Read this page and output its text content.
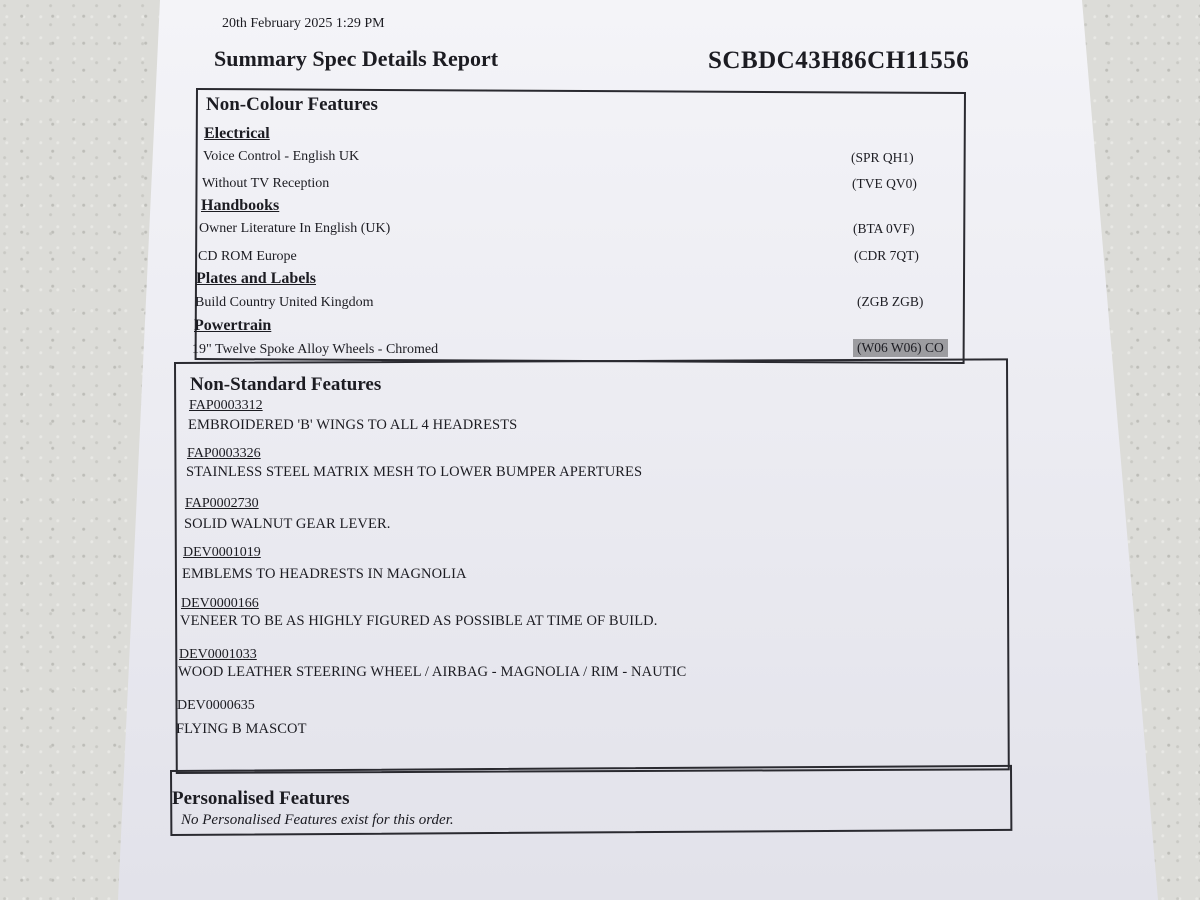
20th February 2025 1:29 PM
Summary Spec Details Report	SCBDC43H86CH11556
Non-Colour Features
Electrical
Voice Control - English UK	(SPR QH1)
Without TV Reception	(TVE QV0)
Handbooks
Owner Literature In English (UK)	(BTA 0VF)
CD ROM Europe	(CDR 7QT)
Plates and Labels
Build Country United Kingdom	(ZGB ZGB)
Powertrain
19" Twelve Spoke Alloy Wheels - Chromed	(W06 W06) CO
Non-Standard Features
FAP0003312
EMBROIDERED 'B' WINGS TO ALL 4 HEADRESTS
FAP0003326
STAINLESS STEEL MATRIX MESH TO LOWER BUMPER APERTURES
FAP0002730
SOLID WALNUT GEAR LEVER.
DEV0001019
EMBLEMS TO HEADRESTS IN MAGNOLIA
DEV0000166
VENEER TO BE AS HIGHLY FIGURED AS POSSIBLE AT TIME OF BUILD.
DEV0001033
WOOD LEATHER STEERING WHEEL / AIRBAG - MAGNOLIA / RIM - NAUTIC
DEV0000635
FLYING B MASCOT
Personalised Features
No Personalised Features exist for this order.
